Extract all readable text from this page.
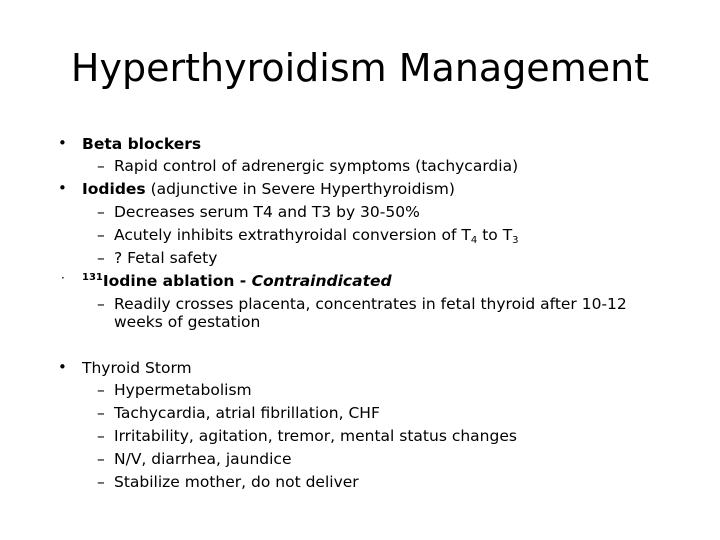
Hyperthyroidism Management
• Beta blockers
– Rapid control of adrenergic symptoms (tachycardia)
• Iodides (adjunctive in Severe Hyperthyroidism)
– Decreases serum T4 and T3 by 30-50%
– Acutely inhibits extrathyroidal conversion of $T_4$ to $T_3$
– ? Fetal safety
· $^{131}$Iodine ablation - Contraindicated
– Readily crosses placenta, concentrates in fetal thyroid after 10-12
weeks of gestation
• Thyroid Storm
– Hypermetabolism
– Tachycardia, atrial fibrillation, CHF
– Irritability, agitation, tremor, mental status changes
– N/V, diarrhea, jaundice
– Stabilize mother, do not deliver
